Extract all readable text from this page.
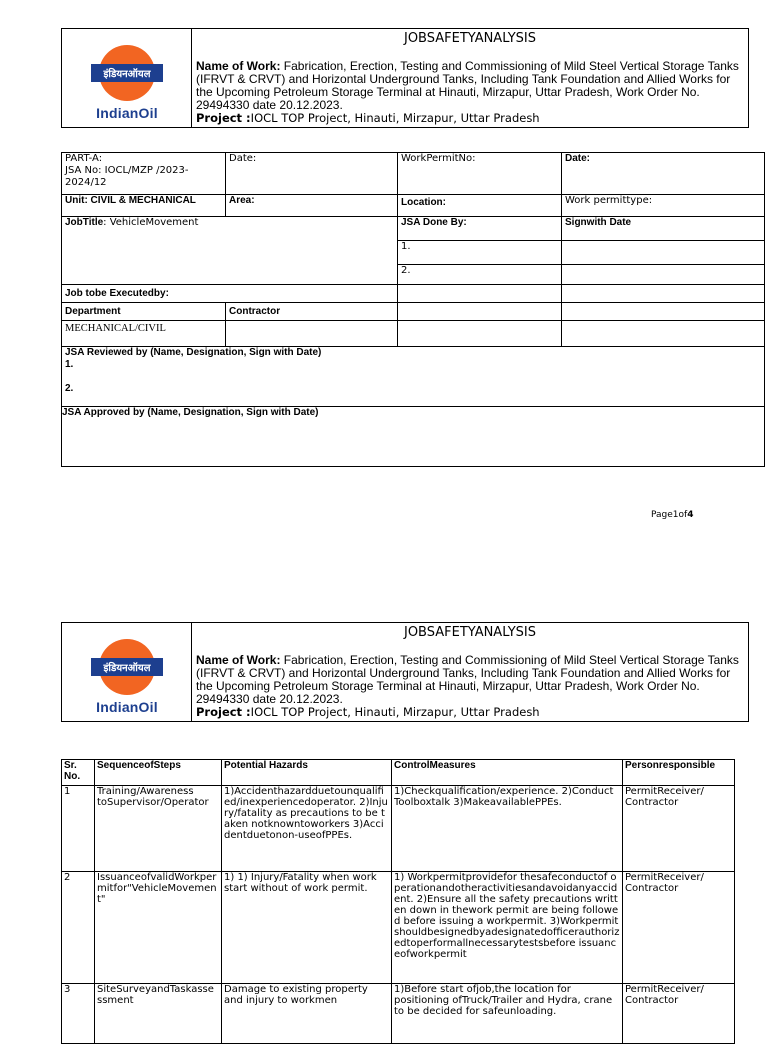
इंडियनऑयल
IndianOil
JOBSAFETYANALYSIS
Name of Work: Fabrication, Erection, Testing and Commissioning of Mild Steel Vertical Storage Tanks (IFRVT & CRVT) and Horizontal Underground Tanks, Including Tank Foundation and Allied Works for the Upcoming Petroleum Storage Terminal at Hinauti, Mirzapur, Uttar Pradesh, Work Order No. 29494330 date 20.12.2023.
Project :IOCL TOP Project, Hinauti, Mirzapur, Uttar Pradesh
PART-A:
JSA No: IOCL/MZP /2023-2024/12	Date:	WorkPermitNo:	Date:
Unit: CIVIL & MECHANICAL	Area:	Location:	Work permittype:
JobTitle: VehicleMovement		JSA Done By:	Signwith Date
		1.	
		2.	
Job tobe Executedby:			
Department	Contractor		
MECHANICAL/CIVIL			

JSA Reviewed by (Name, Designation, Sign with Date)
1.
2.			

JSA Approved by (Name, Designation, Sign with Date)			
Page1of4
इंडियनऑयल
IndianOil
JOBSAFETYANALYSIS
Name of Work: Fabrication, Erection, Testing and Commissioning of Mild Steel Vertical Storage Tanks (IFRVT & CRVT) and Horizontal Underground Tanks, Including Tank Foundation and Allied Works for the Upcoming Petroleum Storage Terminal at Hinauti, Mirzapur, Uttar Pradesh, Work Order No. 29494330 date 20.12.2023.
Project :IOCL TOP Project, Hinauti, Mirzapur, Uttar Pradesh
Sr. No.	SequenceofSteps	Potential Hazards	ControlMeasures	Personresponsible
1	Training/Awareness toSupervisor/Operator	1)Accidenthazardduetounqualified/inexperiencedoperator. 2)Injury/fatality as precautions to be taken notknowntoworkers 3)Accidentduetonon-useofPPEs.	1)Checkqualification/experience. 2)Conduct Toolboxtalk 3)MakeavailablePPEs.	PermitReceiver/ Contractor
2	IssuanceofvalidWorkpermitfor"VehicleMovement"	1) 1) Injury/Fatality when work start without of work permit.	1) Workpermitprovidefor thesafeconductof operationandotheractivitiesandavoidanyaccident. 2)Ensure all the safety precautions written down in thework permit are being followed before issuing a workpermit. 3)Workpermitshouldbesignedbyadesignatedofficerauthorizedtoperformallnecessarytestsbefore issuanceofworkpermit	PermitReceiver/ Contractor
3	SiteSurveyandTaskassessment	Damage to existing property and injury to workmen	1)Before start ofjob,the location for positioning ofTruck/Trailer and Hydra, crane to be decided for safeunloading.	PermitReceiver/ Contractor
